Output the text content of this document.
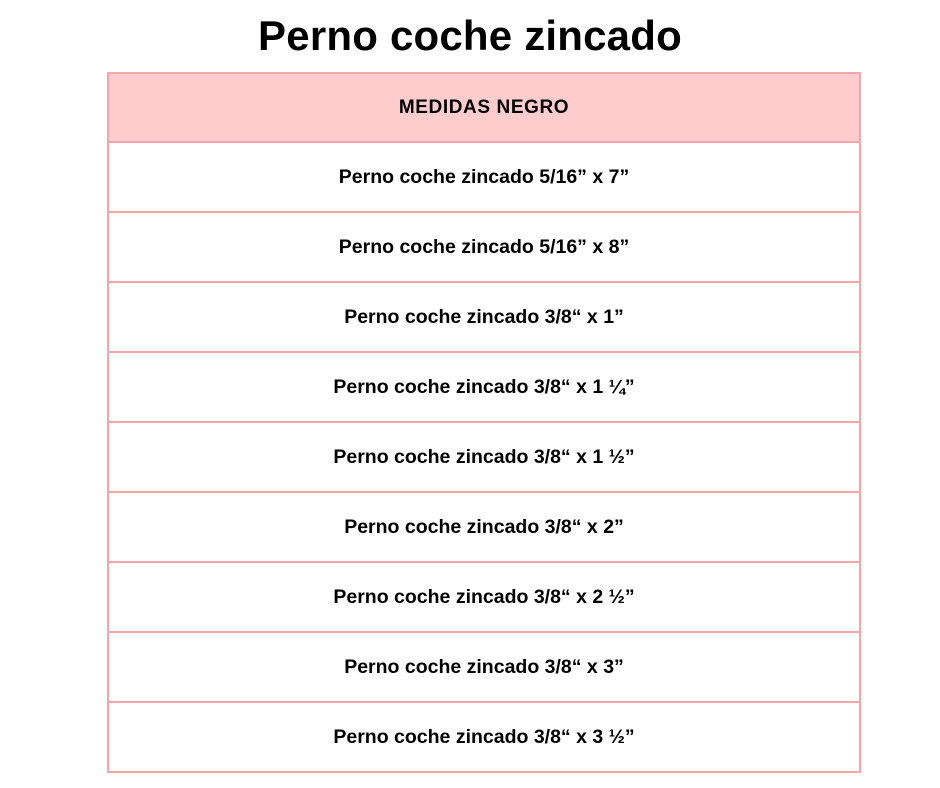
Perno coche zincado
MEDIDAS NEGRO
Perno coche zincado 5/16” x 7”
Perno coche zincado 5/16” x 8”
Perno coche zincado 3/8“ x 1”
Perno coche zincado 3/8“ x 1 ¼”
Perno coche zincado 3/8“ x 1 ½”
Perno coche zincado 3/8“ x 2”
Perno coche zincado 3/8“ x 2 ½”
Perno coche zincado 3/8“ x 3”
Perno coche zincado 3/8“ x 3 ½”
